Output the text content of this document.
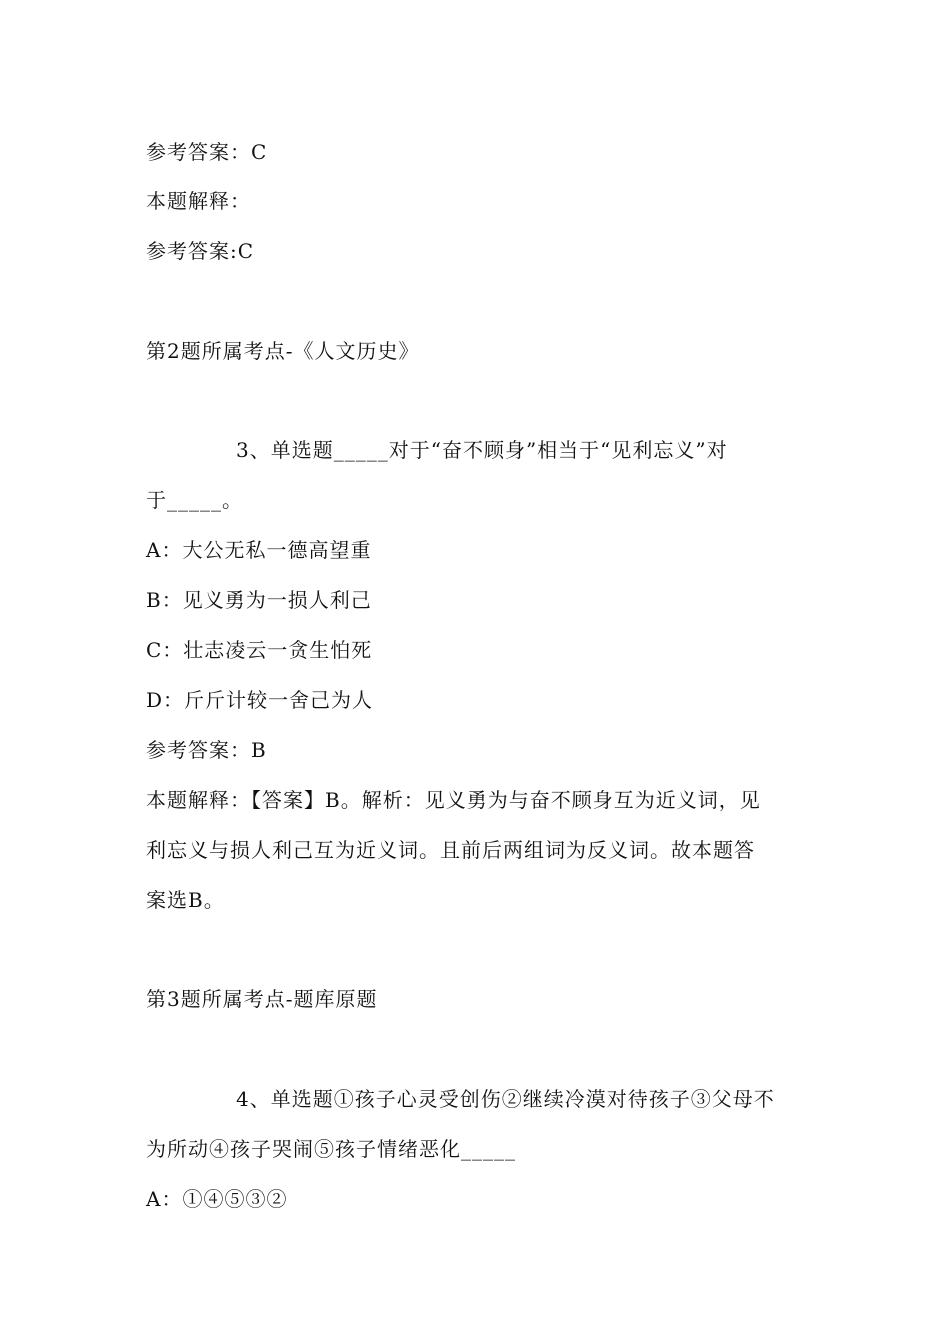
参考答案：C
本题解释：
参考答案:C
第2题所属考点-《人文历史》
3、单选题_____对于“奋不顾身”相当于“见利忘义”对
于_____。
A：大公无私一德高望重
B：见义勇为一损人利己
C：壮志凌云一贪生怕死
D：斤斤计较一舍己为人
参考答案：B
本题解释：【答案】B。解析：见义勇为与奋不顾身互为近义词，见
利忘义与损人利己互为近义词。且前后两组词为反义词。故本题答
案选B。
第3题所属考点-题库原题
4、单选题①孩子心灵受创伤②继续冷漠对待孩子③父母不
为所动④孩子哭闹⑤孩子情绪恶化_____
A：①④⑤③②
